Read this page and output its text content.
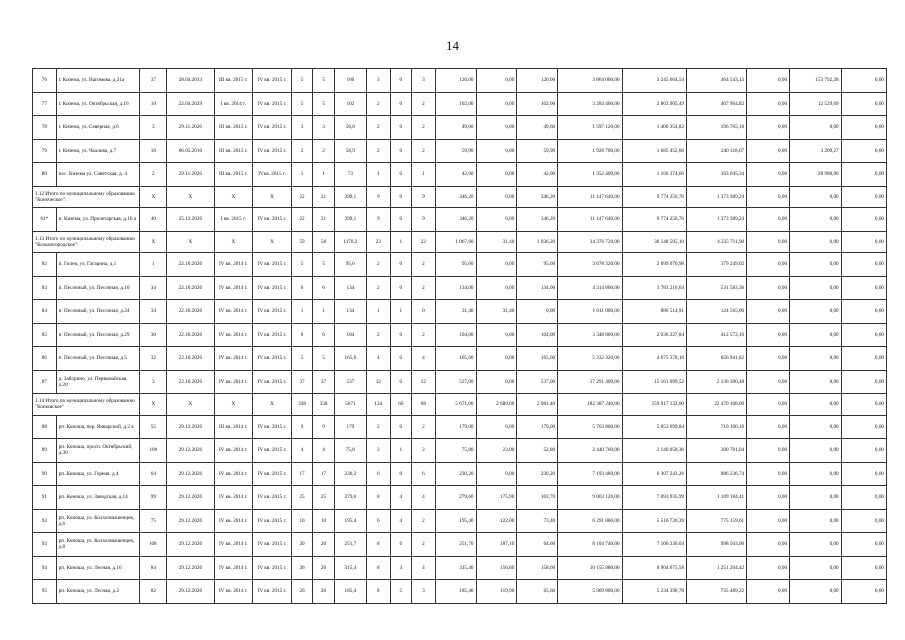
14
76	г. Кизема, ул. Нагомова, д.31а	37	28.04.2013	III кв. 2015 г.	IV кв. 2015 г.	5	5	160	3	0	3	120,00	0,00	120,00	3 864 000,00	3 245 664,54	464 543,13	0,00	153 792,28	0,00
77	г. Кизема, ул. Октябрьская, д.16	10	22.04.2029	I кв. 2014 г.	IV кв. 2015 г.	5	5	102	2	0	2	102,00	0,00	102,00	3 284 400,00	2 863 905,49	407 964,82	0,00	12 529,69	0,00
78	г. Кизема, ул. Северная, д.6	3	29.11.2026	III кв. 2015 г.	IV кв. 2015 г.	3	3	56,8	2	0	2	49,60	0,00	49,60	1 597 120,00	1 400 354,82	196 765,18	0,00	0,00	0,00
79	г. Кизема, ул. Чкалова, д.7	18	06.05.2010	III кв. 2015 г.	IV кв. 2015 г.	2	2	58,9	2	0	2	59,90	0,00	59,90	1 928 780,00	1 685 452,06	240 118,67	0,00	3 209,27	0,00
80	пос. Кизема ул. Советская, д. 4	2	29.11.2026	III кв. 2015 г.	IVкв. 2015 г.	1	1	73	1	0	1	42,00	0,00	42,00	1 352 400,00	1 160 374,66	163 045,34	0,00	28 980,00	0,00
1.12 Итого по муниципальному образованию "Коноческое":		X	X	X	X	22	21	399,1	9	0	9	346,20	0,00	346,20	11 147 640,00	9 774 250,76	1 373 389,24	0,00	0,00	0,00
81*	п. Кизема, ул. Пролетарская, д.16 а	40	25.12.2026	I кв. 2015 г.	IV кв. 2015 г.	22	21	399,1	9	0	9	346,20	0,00	346,20	11 147 640,00	9 774 250,76	1 373 389,24	0,00	0,00	0,00
1.13 Итого по муниципальному образованию "Козьмогородское":		X	X	X	X	59	58	1170,2	23	1	22	1 067,60	31,40	1 036,20	34 376 720,00	30 148 505,10	4 235 711,90	0,00	0,00	0,00
82	п. Гилев, ул. Гагарина, д.1	1	22.10.2026	IV кв. 2014 г.	IV кв. 2015 г.	5	5	95,6	2	0	2	95,60	0,00	95,60	3 078 320,00	2 699 070,98	379 249,02	0,00	0,00	0,00
83	п. Песочный, ул. Песочная, д.10	34	22.10.2026	IV кв. 2014 г.	IV кв. 2015 г.	6	6	134	2	0	2	134,00	0,00	134,00	4 314 800,00	3 783 216,64	531 583,36	0,00	0,00	0,00
84	п. Песочный, ул. Песочная, д.24	34	22.10.2026	IV кв. 2014 г.	IV кв. 2015 г.	1	1	134	1	1	0	31,40	31,40	0,00	1 011 080,00	886 514,91	124 565,06	0,00	0,00	0,00
85	п. Песочный, ул. Песочная, д.29	30	22.10.2026	IV кв. 2014 г.	IV кв. 2015 г.	6	6	104	2	0	2	104,00	0,00	104,00	3 348 800,00	2 936 227,84	412 572,16	0,00	0,00	0,00
86	п. Песочный, ул. Песочная, д.5	32	22.10.2026	IV кв. 2014 г.	IV кв. 2015 г.	5	5	165,6	4	0	4	165,60	0,00	165,60	5 332 320,00	4 675 378,18	656 941,82	0,00	0,00	0,00
87	д. Заборино, ул. Первомайская, д.20	3	22.10.2026	IV кв. 2014 г.	IV кв. 2015 г.	37	37	537	12	0	12	537,00	0,00	537,00	17 291 400,00	15 161 099,52	2 130 300,48	0,00	0,00	0,00
1.14 Итого по муниципальному образованию "Коношское"		X	X	X	X	338	338	5671	134	66	68	5 671,00	2 689,60	2 981,40	182 387 240,00	159 917 132,00	22 470 108,00	0,00	0,00	0,00
88	рп. Коноша, пер. Январский, д.2 а	55	29.12.2026	III кв. 2014 г.	IV кв. 2015 г.	9	9	179	2	0	2	179,00	0,00	179,00	5 763 800,00	5 053 699,84	710 100,16	0,00	0,00	0,00
89	рп. Коноша, просп. Октябрьский, д.30	10#	29.12.2026	IV кв. 2014 г.	IV кв. 2015 г.	4	4	75,8	3	1	2	75,80	23,00	52,80	2 440 760,00	2 140 058,36	300 701,64	0,00	0,00	0,00
90	рп. Коноша, ул. Горная, д.4	64	29.12.2026	IV кв. 2014 г.	IV кв. 2015 г.	17	17	230,2	6	0	6	230,20	0,00	230,20	7 193 480,00	6 307 243,26	886 236,74	0,00	0,00	0,00
91	рп. Коноша, ул. Заводская, д.14	99	29.12.2026	IV кв. 2014 г.	IV кв. 2015 г.	25	25	279,6	8	4	4	279,60	175,90	103,70	9 003 120,00	7 893 935,99	1 109 184,41	0,00	0,00	0,00
92	рп. Коноша, ул. Колхозмышенцев, д.6	75	29.12.2026	IV кв. 2014 г.	IV кв. 2015 г.	10	10	195,4	6	4	2	195,40	122,00	73,40	6 291 880,00	5 516 720,39	775 159,61	0,00	0,00	0,00
93	рп. Коноша, ул. Колхозмышенцев, д.8	i08	29.12.2026	IV кв. 2014 г.	IV кв. 2015 г.	20	20	251,7	8	6	2	251,70	187,10	64,60	8 104 740,00	7 106 236,04	998 503,96	0,00	0,00	0,00
94	рп. Коноша, ул. Лесная, д.16	84	29.12.2026	IV кв. 2014 г.	IV кв. 2015 г.	26	26	315,4	8	4	4	315,40	156,80	158,60	10 155 880,00	8 904 675,58	1 251 204,42	0,00	0,00	0,00
95	рп. Коноша, ул. Лесная, д.2	82	29.12.2026	IV кв. 2014 г.	IV кв. 2015 г.	26	26	185,4	8	5	3	185,40	119,90	65,60	5 969 880,00	5 234 390,78	735 489,22	0,00	0,00	0,00
